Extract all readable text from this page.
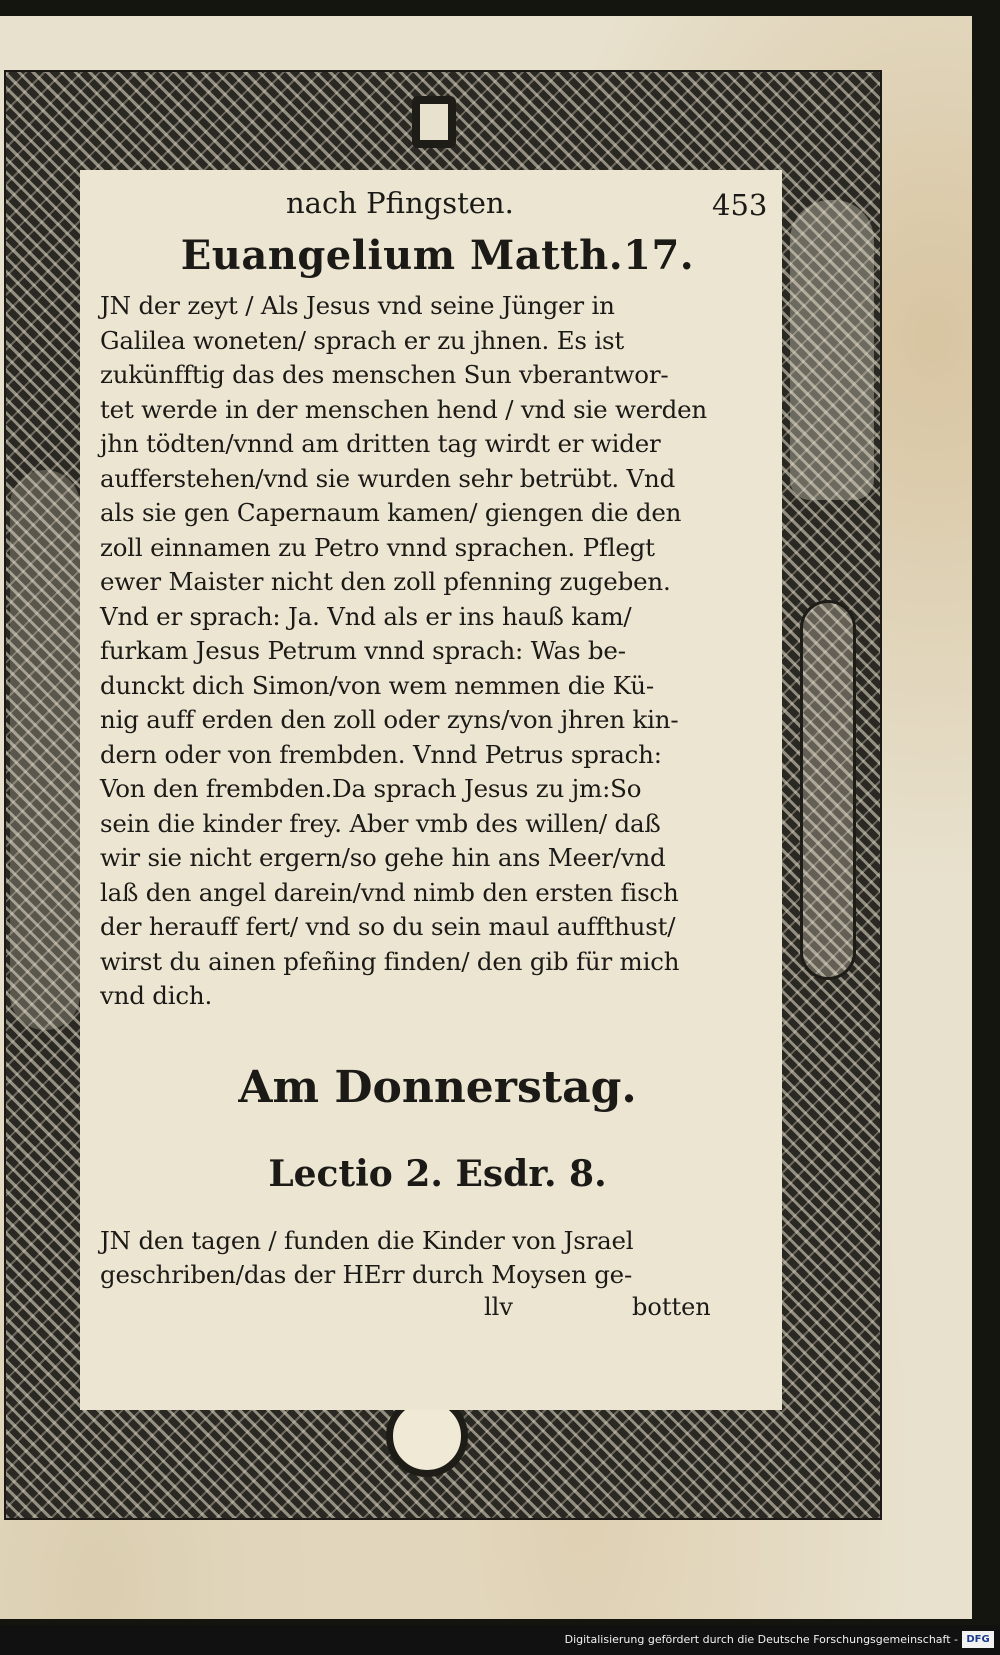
nach Pfingsten.	453
Euangelium Matth.17.
JN der zeyt / Als Jesus vnd seine Jünger in
Galilea woneten/ sprach er zu jhnen. Es ist
zukünfftig das des menschen Sun vberantwor-
tet werde in der menschen hend / vnd sie werden
jhn tödten/vnnd am dritten tag wirdt er wider
aufferstehen/vnd sie wurden sehr betrübt. Vnd
als sie gen Capernaum kamen/ giengen die den
zoll einnamen zu Petro vnnd sprachen. Pflegt
ewer Maister nicht den zoll pfenning zugeben.
Vnd er sprach: Ja. Vnd als er ins hauß kam/
furkam Jesus Petrum vnnd sprach: Was be-
dunckt dich Simon/von wem nemmen die Kü-
nig auff erden den zoll oder zyns/von jhren kin-
dern oder von frembden. Vnnd Petrus sprach:
Von den frembden.Da sprach Jesus zu jm:So
sein die kinder frey. Aber vmb des willen/ daß
wir sie nicht ergern/so gehe hin ans Meer/vnd
laß den angel darein/vnd nimb den ersten fisch
der herauff fert/ vnd so du sein maul auffthust/
wirst du ainen pfeñing finden/ den gib für mich
vnd dich.
Am Donnerstag.
Lectio 2. Esdr. 8.
JN den tagen / funden die Kinder von Jsrael
geschriben/das der HErr durch Moysen ge-
llv	botten
Digitalisierung gefördert durch die Deutsche Forschungsgemeinschaft - DFG
